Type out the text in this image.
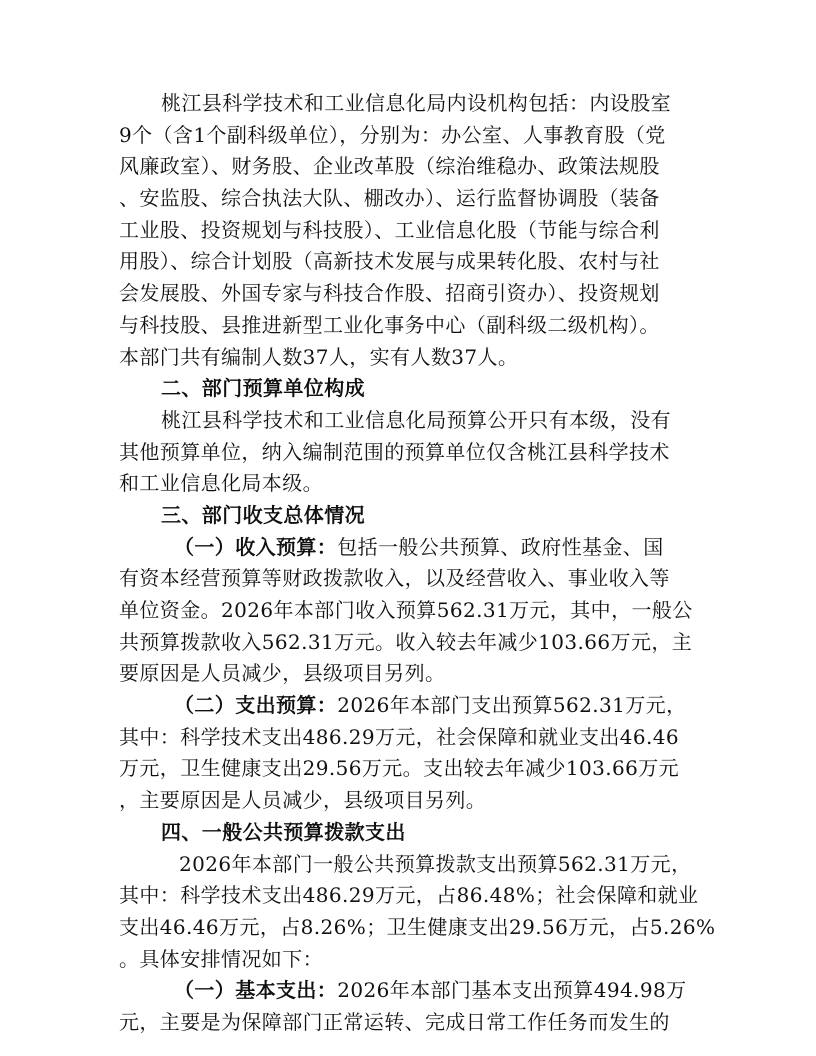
桃江县科学技术和工业信息化局内设机构包括：内设股室
9个（含1个副科级单位），分别为：办公室、人事教育股（党
风廉政室）、财务股、企业改革股（综治维稳办、政策法规股
、安监股、综合执法大队、棚改办）、运行监督协调股（装备
工业股、投资规划与科技股）、工业信息化股（节能与综合利
用股）、综合计划股（高新技术发展与成果转化股、农村与社
会发展股、外国专家与科技合作股、招商引资办）、投资规划
与科技股、县推进新型工业化事务中心（副科级二级机构）。
本部门共有编制人数37人，实有人数37人。
二、部门预算单位构成
桃江县科学技术和工业信息化局预算公开只有本级，没有
其他预算单位，纳入编制范围的预算单位仅含桃江县科学技术
和工业信息化局本级。
三、部门收支总体情况
（一）收入预算：包括一般公共预算、政府性基金、国
有资本经营预算等财政拨款收入，以及经营收入、事业收入等
单位资金。2026年本部门收入预算562.31万元，其中，一般公
共预算拨款收入562.31万元。收入较去年减少103.66万元，主
要原因是人员减少，县级项目另列。
（二）支出预算：2026年本部门支出预算562.31万元，
其中：科学技术支出486.29万元，社会保障和就业支出46.46
万元，卫生健康支出29.56万元。支出较去年减少103.66万元
，主要原因是人员减少，县级项目另列。
四、一般公共预算拨款支出
2026年本部门一般公共预算拨款支出预算562.31万元，
其中：科学技术支出486.29万元，占86.48%；社会保障和就业
支出46.46万元，占8.26%；卫生健康支出29.56万元，占5.26%
。具体安排情况如下：
（一）基本支出：2026年本部门基本支出预算494.98万
元，主要是为保障部门正常运转、完成日常工作任务而发生的
